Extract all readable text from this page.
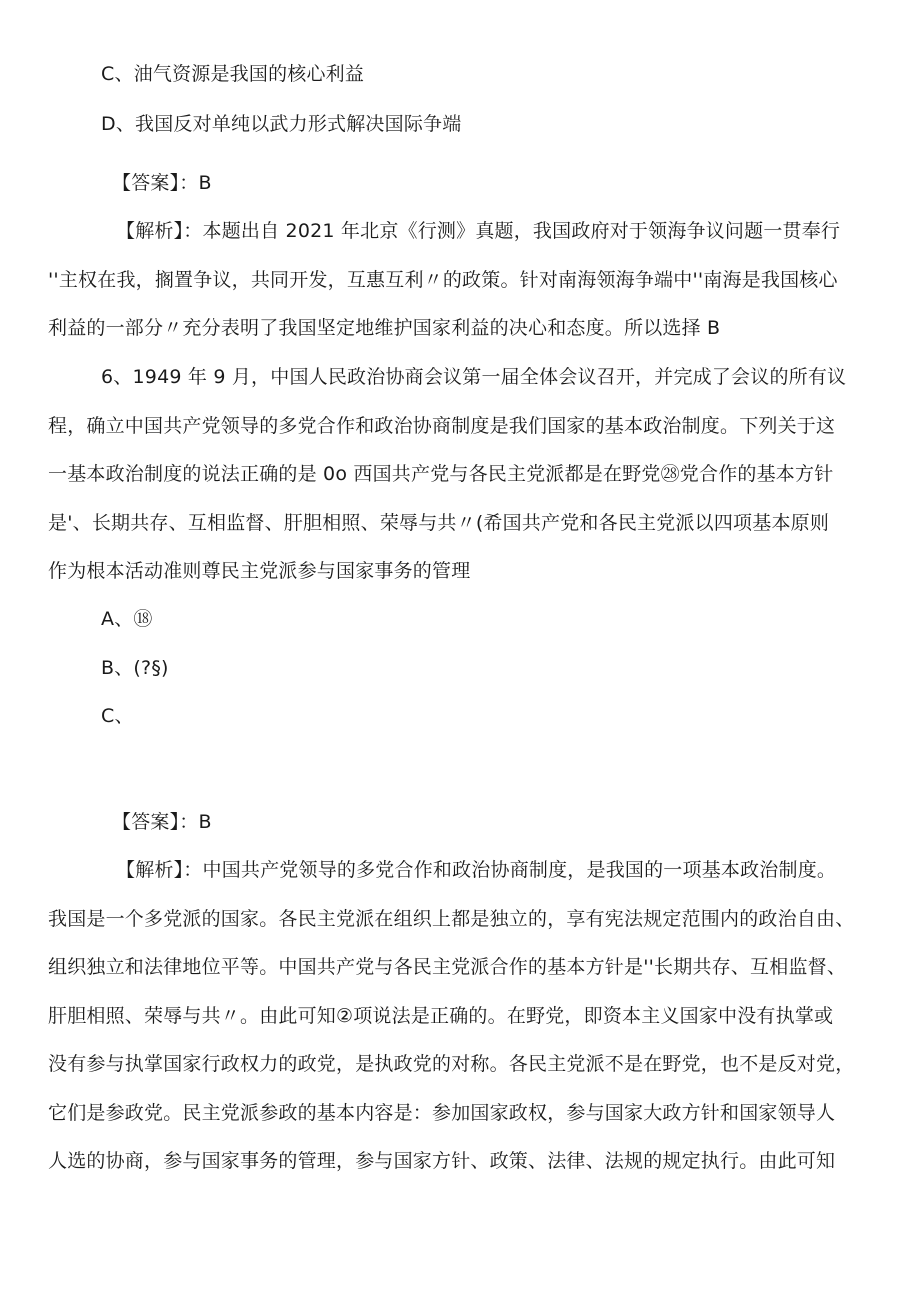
C、油气资源是我国的核心利益
D、我国反对单纯以武力形式解决国际争端
【答案】：B
【解析】：本题出自 2021 年北京《行测》真题，我国政府对于领海争议问题一贯奉行
''主权在我，搁置争议，共同开发，互惠互利〃的政策。针对南海领海争端中''南海是我国核心
利益的一部分〃充分表明了我国坚定地维护国家利益的决心和态度。所以选择 B
6、1949 年 9 月，中国人民政治协商会议第一届全体会议召开，并完成了会议的所有议
程，确立中国共产党领导的多党合作和政治协商制度是我们国家的基本政治制度。下列关于这
一基本政治制度的说法正确的是 0o 西国共产党与各民主党派都是在野党㉘党合作的基本方针
是'、长期共存、互相监督、肝胆相照、荣辱与共〃(希国共产党和各民主党派以四项基本原则
作为根本活动准则尊民主党派参与国家事务的管理
A、⑱
B、(?§)
C、
【答案】：B
【解析】：中国共产党领导的多党合作和政治协商制度，是我国的一项基本政治制度。
我国是一个多党派的国家。各民主党派在组织上都是独立的，享有宪法规定范围内的政治自由、
组织独立和法律地位平等。中国共产党与各民主党派合作的基本方针是''长期共存、互相监督、
肝胆相照、荣辱与共〃。由此可知②项说法是正确的。在野党，即资本主义国家中没有执掌或
没有参与执掌国家行政权力的政党，是执政党的对称。各民主党派不是在野党，也不是反对党，
它们是参政党。民主党派参政的基本内容是：参加国家政权，参与国家大政方针和国家领导人
人选的协商，参与国家事务的管理，参与国家方针、政策、法律、法规的规定执行。由此可知
